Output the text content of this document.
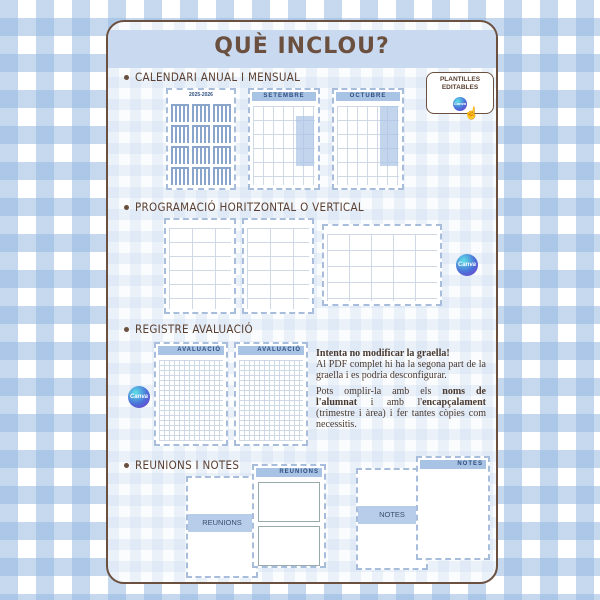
QUÈ INCLOU?
PLANTILLES
EDITABLES
Canva
☝
CALENDARI ANUAL I MENSUAL
2025-2026	SETEMBRE	OCTUBRE
PROGRAMACIÓ HORITZONTAL O VERTICAL
Canva
REGISTRE AVALUACIÓ
AVALUACIÓ	AVALUACIÓ
Canva

Intenta no modificar la graella!
Al PDF complet hi ha la segona part de la graella i es podria desconfigurar.

Pots omplir-la amb els noms de l'alumnat i amb l'encapçalament (trimestre i àrea) i fer tantes còpies com necessitis.

REUNIONS I NOTES
REUNIONS
REUNIONS
NOTES
NOTES
